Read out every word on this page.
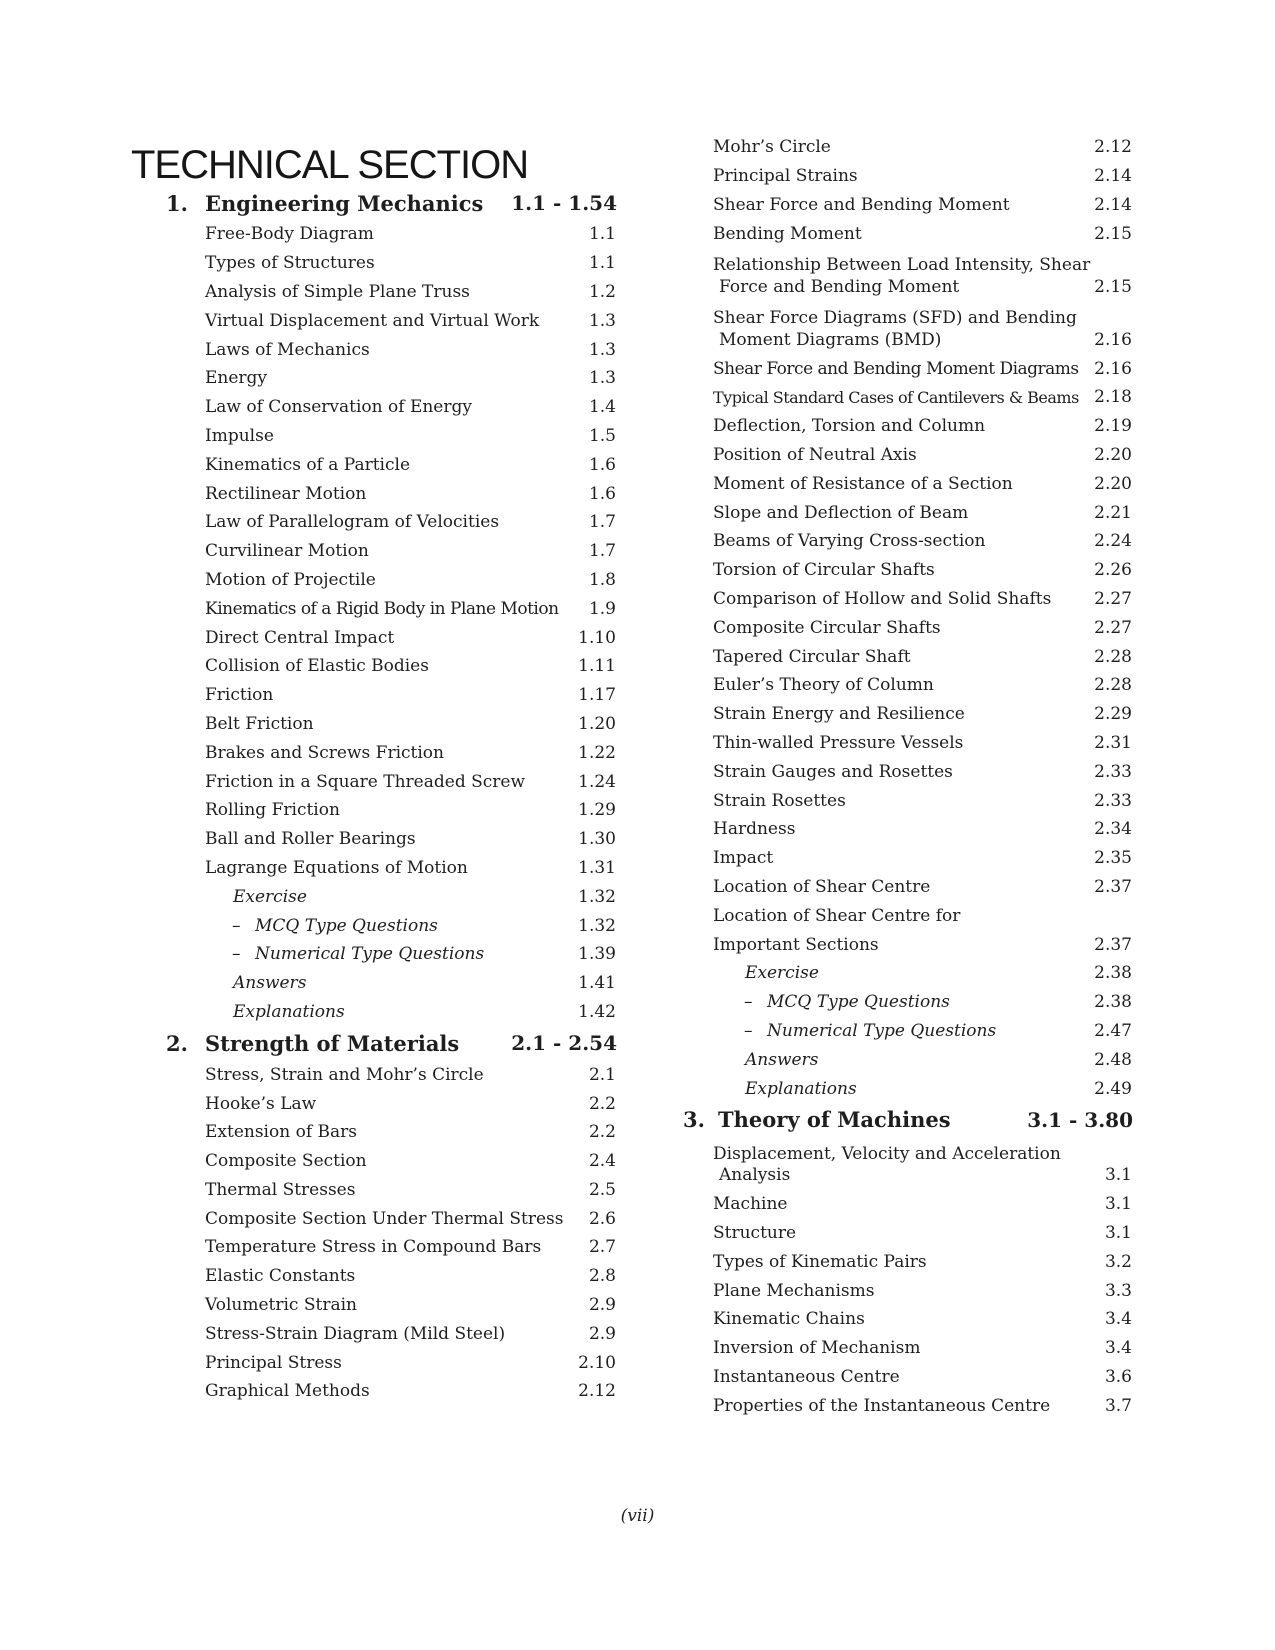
TECHNICAL SECTION
1. Engineering Mechanics	1.1 - 1.54
Free-Body Diagram	1.1
Types of Structures	1.1
Analysis of Simple Plane Truss	1.2
Virtual Displacement and Virtual Work	1.3
Laws of Mechanics	1.3
Energy	1.3
Law of Conservation of Energy	1.4
Impulse	1.5
Kinematics of a Particle	1.6
Rectilinear Motion	1.6
Law of Parallelogram of Velocities	1.7
Curvilinear Motion	1.7
Motion of Projectile	1.8
Kinematics of a Rigid Body in Plane Motion	1.9
Direct Central Impact	1.10
Collision of Elastic Bodies	1.11
Friction	1.17
Belt Friction	1.20
Brakes and Screws Friction	1.22
Friction in a Square Threaded Screw	1.24
Rolling Friction	1.29
Ball and Roller Bearings	1.30
Lagrange Equations of Motion	1.31
Exercise	1.32
– MCQ Type Questions	1.32
– Numerical Type Questions	1.39
Answers	1.41
Explanations	1.42
2. Strength of Materials	2.1 - 2.54
Stress, Strain and Mohr’s Circle	2.1
Hooke’s Law	2.2
Extension of Bars	2.2
Composite Section	2.4
Thermal Stresses	2.5
Composite Section Under Thermal Stress	2.6
Temperature Stress in Compound Bars	2.7
Elastic Constants	2.8
Volumetric Strain	2.9
Stress-Strain Diagram (Mild Steel)	2.9
Principal Stress	2.10
Graphical Methods	2.12
Mohr’s Circle	2.12
Principal Strains	2.14
Shear Force and Bending Moment	2.14
Bending Moment	2.15
Relationship Between Load Intensity, Shear
Force and Bending Moment	2.15
Shear Force Diagrams (SFD) and Bending
Moment Diagrams (BMD)	2.16
Shear Force and Bending Moment Diagrams 2.16
Typical Standard Cases of Cantilevers & Beams 2.18
Deflection, Torsion and Column	2.19
Position of Neutral Axis	2.20
Moment of Resistance of a Section	2.20
Slope and Deflection of Beam	2.21
Beams of Varying Cross-section	2.24
Torsion of Circular Shafts	2.26
Comparison of Hollow and Solid Shafts	2.27
Composite Circular Shafts	2.27
Tapered Circular Shaft	2.28
Euler’s Theory of Column	2.28
Strain Energy and Resilience	2.29
Thin-walled Pressure Vessels	2.31
Strain Gauges and Rosettes	2.33
Strain Rosettes	2.33
Hardness	2.34
Impact	2.35
Location of Shear Centre	2.37
Location of Shear Centre for
Important Sections	2.37
Exercise	2.38
– MCQ Type Questions	2.38
– Numerical Type Questions	2.47
Answers	2.48
Explanations	2.49
3. Theory of Machines	3.1 - 3.80
Displacement, Velocity and Acceleration
Analysis	3.1
Machine	3.1
Structure	3.1
Types of Kinematic Pairs	3.2
Plane Mechanisms	3.3
Kinematic Chains	3.4
Inversion of Mechanism	3.4
Instantaneous Centre	3.6
Properties of the Instantaneous Centre	3.7
(vii)
